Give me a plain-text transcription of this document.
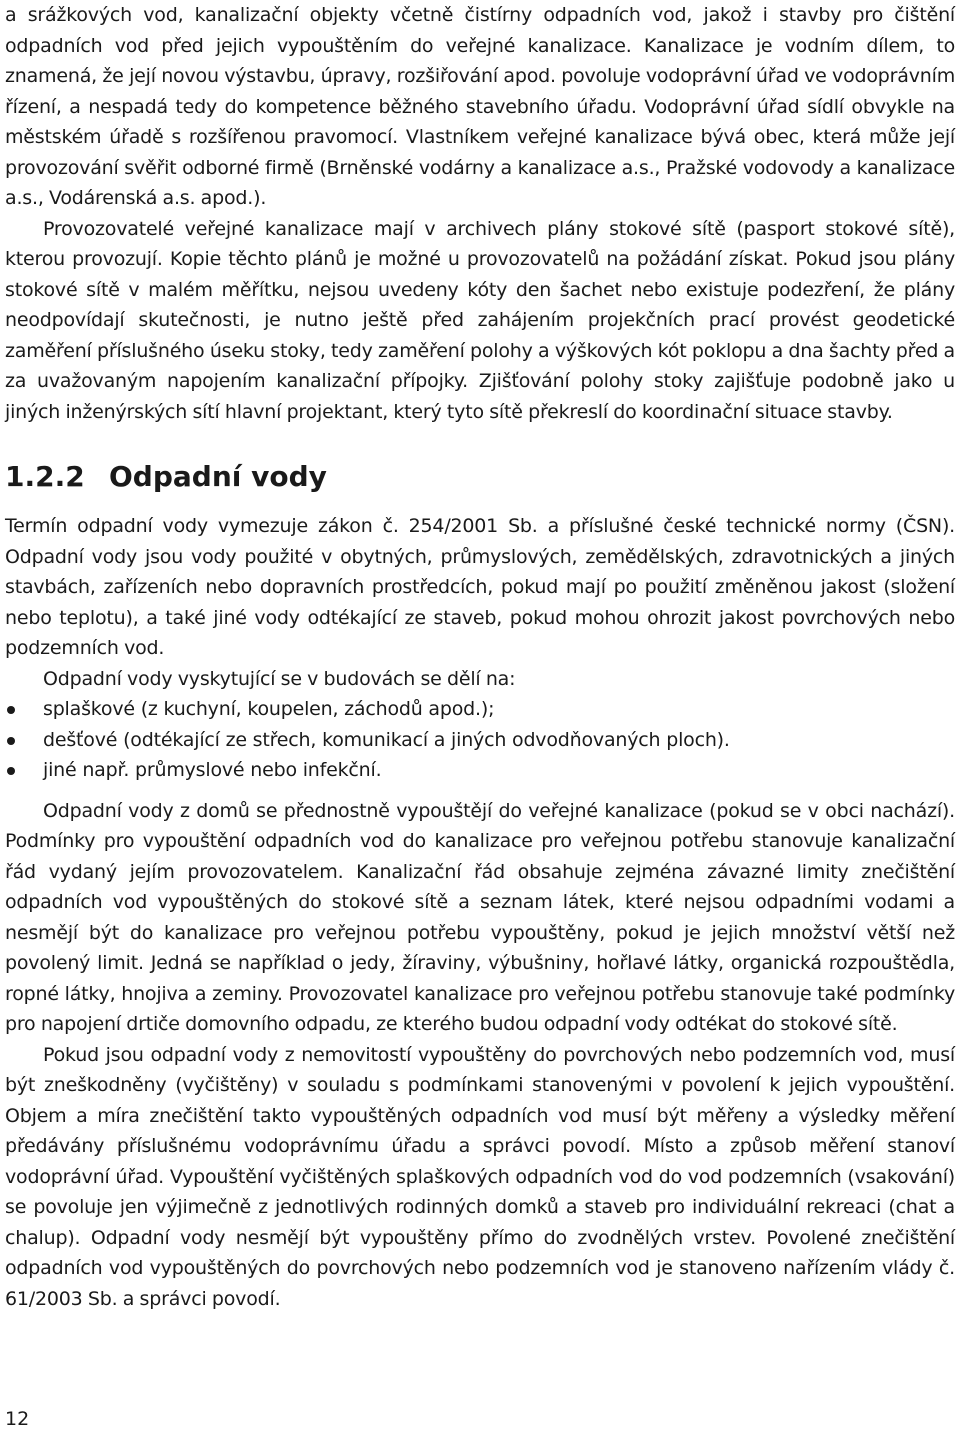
a srážkových vod, kanalizační objekty včetně čistírny odpadních vod, jakož i stavby pro čištění odpadních vod před jejich vypouštěním do veřejné kanalizace. Kanalizace je vodním dílem, to znamená, že její novou výstavbu, úpravy, rozšiřování apod. povoluje vodoprávní úřad ve vodoprávním řízení, a nespadá tedy do kompetence běžného stavebního úřadu. Vodoprávní úřad sídlí obvykle na městském úřadě s rozšířenou pravomocí. Vlastníkem veřejné kanalizace bývá obec, která může její provozování svěřit odborné firmě (Brněnské vodárny a kanalizace a.s., Pražské vodovody a kanalizace a.s., Vodárenská a.s. apod.).

Provozovatelé veřejné kanalizace mají v archivech plány stokové sítě (pasport stokové sítě), kterou provozují. Kopie těchto plánů je možné u provozovatelů na požádání získat. Pokud jsou plány stokové sítě v malém měřítku, nejsou uvedeny kóty den šachet nebo existuje podezření, že plány neodpovídají skutečnosti, je nutno ještě před zahájením projekčních prací provést geodetické zaměření příslušného úseku stoky, tedy zaměření polohy a výškových kót poklopu a dna šachty před a za uvažovaným napojením kanalizační přípojky. Zjišťování polohy stoky zajišťuje podobně jako u jiných inženýrských sítí hlavní projektant, který tyto sítě překreslí do koordinační situace stavby.

1.2.2 Odpadní vody

Termín odpadní vody vymezuje zákon č. 254/2001 Sb. a příslušné české technické normy (ČSN). Odpadní vody jsou vody použité v obytných, průmyslových, zemědělských, zdravotnických a jiných stavbách, zařízeních nebo dopravních prostředcích, pokud mají po použití změněnou jakost (složení nebo teplotu), a také jiné vody odtékající ze staveb, pokud mohou ohrozit jakost povrchových nebo podzemních vod.

Odpadní vody vyskytující se v budovách se dělí na:

splaškové (z kuchyní, koupelen, záchodů apod.);
dešťové (odtékající ze střech, komunikací a jiných odvodňovaných ploch).
jiné např. průmyslové nebo infekční.

Odpadní vody z domů se přednostně vypouštějí do veřejné kanalizace (pokud se v obci nachází). Podmínky pro vypouštění odpadních vod do kanalizace pro veřejnou potřebu stanovuje kanalizační řád vydaný jejím provozovatelem. Kanalizační řád obsahuje zejména závazné limity znečištění odpadních vod vypouštěných do stokové sítě a seznam látek, které nejsou odpadními vodami a nesmějí být do kanalizace pro veřejnou potřebu vypouštěny, pokud je jejich množství větší než povolený limit. Jedná se například o jedy, žíraviny, výbušniny, hořlavé látky, organická rozpouštědla, ropné látky, hnojiva a zeminy. Provozovatel kanalizace pro veřejnou potřebu stanovuje také podmínky pro napojení drtiče domovního odpadu, ze kterého budou odpadní vody odtékat do stokové sítě.

Pokud jsou odpadní vody z nemovitostí vypouštěny do povrchových nebo podzemních vod, musí být zneškodněny (vyčištěny) v souladu s podmínkami stanovenými v povolení k jejich vypouštění. Objem a míra znečištění takto vypouštěných odpadních vod musí být měřeny a výsledky měření předávány příslušnému vodoprávnímu úřadu a správci povodí. Místo a způsob měření stanoví vodoprávní úřad. Vypouštění vyčištěných splaškových odpadních vod do vod podzemních (vsakování) se povoluje jen výjimečně z jednotlivých rodinných domků a staveb pro individuální rekreaci (chat a chalup). Odpadní vody nesmějí být vypouštěny přímo do zvodnělých vrstev. Povolené znečištění odpadních vod vypouštěných do povrchových nebo podzemních vod je stanoveno nařízením vlády č. 61/2003 Sb. a správci povodí.

12
